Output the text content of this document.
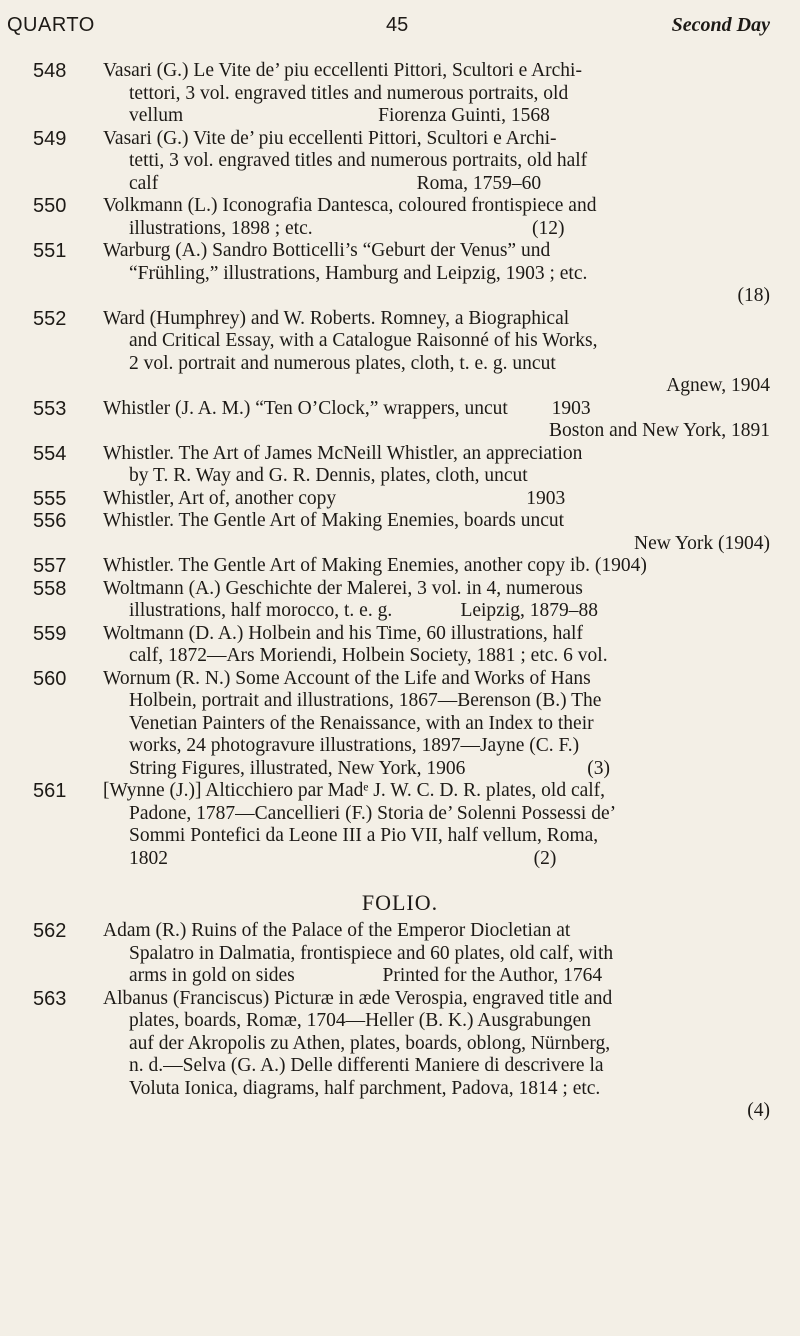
QUARTO	45	Second Day
548 Vasari (G.) Le Vite de’ piu eccellenti Pittori, Scultori e Archi-
tettori, 3 vol. engraved titles and numerous portraits, old
vellum                                        Fiorenza Guinti, 1568
549 Vasari (G.) Vite de’ piu eccellenti Pittori, Scultori e Archi-
tetti, 3 vol. engraved titles and numerous portraits, old half
calf                                                     Roma, 1759–60
550 Volkmann (L.) Iconografia Dantesca, coloured frontispiece and
illustrations, 1898 ; etc.                                             (12)
551 Warburg (A.) Sandro Botticelli’s “Geburt der Venus” und
“Frühling,” illustrations, Hamburg and Leipzig, 1903 ; etc.
(18)
552 Ward (Humphrey) and W. Roberts. Romney, a Biographical
and Critical Essay, with a Catalogue Raisonné of his Works,
2 vol. portrait and numerous plates, cloth, t. e. g. uncut
Agnew, 1904
553 Whistler (J. A. M.) “Ten O’Clock,” wrappers, uncut         1903
Boston and New York, 1891
554 Whistler. The Art of James McNeill Whistler, an appreciation
by T. R. Way and G. R. Dennis, plates, cloth, uncut
555 Whistler, Art of, another copy                                       1903
556 Whistler. The Gentle Art of Making Enemies, boards uncut
New York (1904)
557 Whistler. The Gentle Art of Making Enemies, another copy ib. (1904)
558 Woltmann (A.) Geschichte der Malerei, 3 vol. in 4, numerous
illustrations, half morocco, t. e. g.              Leipzig, 1879–88
559 Woltmann (D. A.) Holbein and his Time, 60 illustrations, half
calf, 1872—Ars Moriendi, Holbein Society, 1881 ; etc. 6 vol.
560 Wornum (R. N.) Some Account of the Life and Works of Hans
Holbein, portrait and illustrations, 1867—Berenson (B.) The
Venetian Painters of the Renaissance, with an Index to their
works, 24 photogravure illustrations, 1897—Jayne (C. F.)
String Figures, illustrated, New York, 1906                         (3)
561 [Wynne (J.)] Alticchiero par Madᵉ J. W. C. D. R. plates, old calf,
Padone, 1787—Cancellieri (F.) Storia de’ Solenni Possessi de’
Sommi Pontefici da Leone III a Pio VII, half vellum, Roma,
1802                                                                           (2)
FOLIO.
562 Adam (R.) Ruins of the Palace of the Emperor Diocletian at
Spalatro in Dalmatia, frontispiece and 60 plates, old calf, with
arms in gold on sides                  Printed for the Author, 1764
563 Albanus (Franciscus) Picturæ in æde Verospia, engraved title and
plates, boards, Romæ, 1704—Heller (B. K.) Ausgrabungen
auf der Akropolis zu Athen, plates, boards, oblong, Nürnberg,
n. d.—Selva (G. A.) Delle differenti Maniere di descrivere la
Voluta Ionica, diagrams, half parchment, Padova, 1814 ; etc.
(4)
